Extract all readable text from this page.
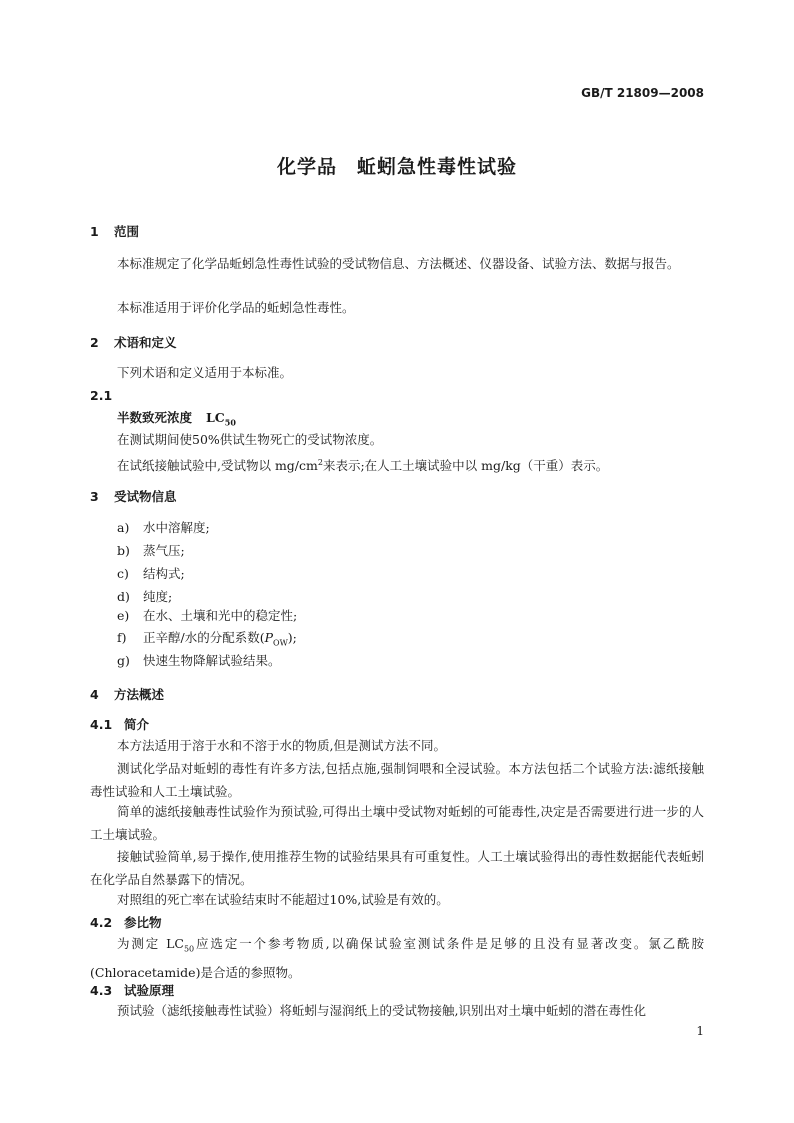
GB/T 21809—2008
化学品　蚯蚓急性毒性试验
1 范围
本标准规定了化学品蚯蚓急性毒性试验的受试物信息、方法概述、仪器设备、试验方法、数据与报告。
本标准适用于评价化学品的蚯蚓急性毒性。
2 术语和定义
下列术语和定义适用于本标准。
2.1
半数致死浓度 $LC_{50}$
在测试期间使50%供试生物死亡的受试物浓度。
在试纸接触试验中,受试物以 $mg/cm^2$来表示;在人工土壤试验中以 mg/kg（干重）表示。
3 受试物信息
a) 水中溶解度;
b) 蒸气压;
c) 结构式;
d) 纯度;
e) 在水、土壤和光中的稳定性;
f) 正辛醇/水的分配系数$(P_{OW})$;
g) 快速生物降解试验结果。
4 方法概述
4.1 简介
本方法适用于溶于水和不溶于水的物质,但是测试方法不同。
测试化学品对蚯蚓的毒性有许多方法,包括点施,强制饲喂和全浸试验。本方法包括二个试验方法:滤纸接触毒性试验和人工土壤试验。
简单的滤纸接触毒性试验作为预试验,可得出土壤中受试物对蚯蚓的可能毒性,决定是否需要进行进一步的人工土壤试验。
接触试验简单,易于操作,使用推荐生物的试验结果具有可重复性。人工土壤试验得出的毒性数据能代表蚯蚓在化学品自然暴露下的情况。
对照组的死亡率在试验结束时不能超过10%,试验是有效的。
4.2 参比物
为测定 $LC_{50}$应选定一个参考物质,以确保试验室测试条件是足够的且没有显著改变。氯乙酰胺(Chloracetamide)是合适的参照物。
4.3 试验原理
预试验（滤纸接触毒性试验）将蚯蚓与湿润纸上的受试物接触,识别出对土壤中蚯蚓的潜在毒性化
1
